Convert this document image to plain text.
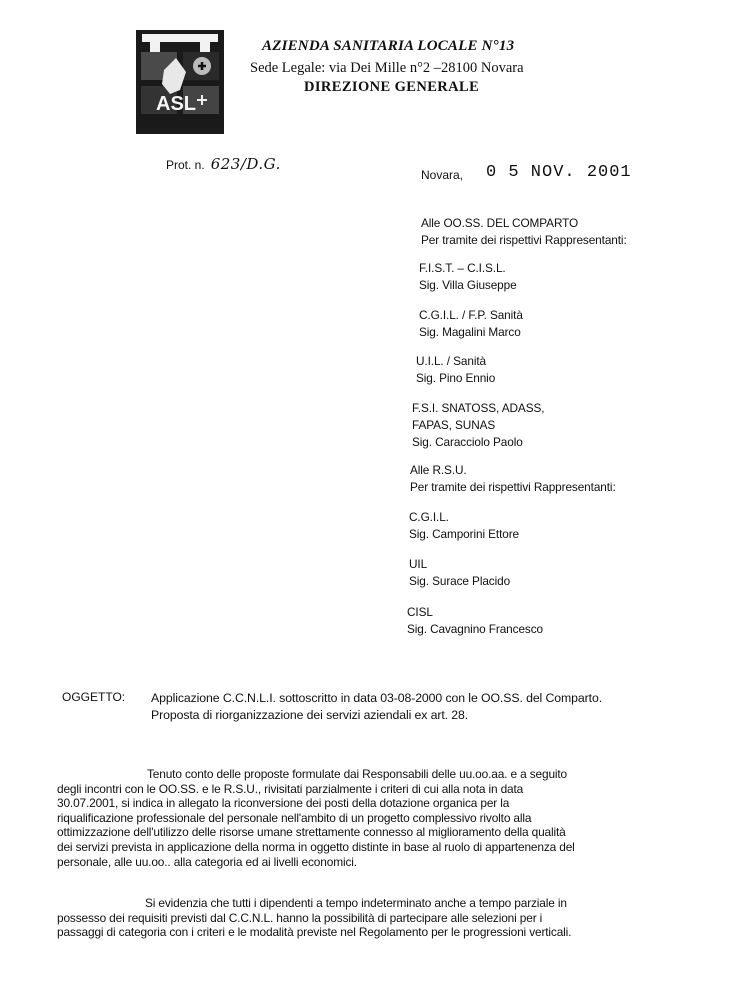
ASL
AZIENDA SANITARIA LOCALE N°13
Sede Legale: via Dei Mille n°2 –28100 Novara
DIREZIONE GENERALE
Prot. n. 623/D.G.
Novara, 0 5 NOV. 2001
Alle OO.SS. DEL COMPARTO
Per tramite dei rispettivi Rappresentanti:
F.I.S.T. – C.I.S.L.
Sig. Villa Giuseppe
C.G.I.L. / F.P. Sanità
Sig. Magalini Marco
U.I.L. / Sanità
Sig. Pino Ennio
F.S.I. SNATOSS, ADASS,
FAPAS, SUNAS
Sig. Caracciolo Paolo
Alle R.S.U.
Per tramite dei rispettivi Rappresentanti:
C.G.I.L.
Sig. Camporini Ettore
UIL
Sig. Surace Placido
CISL
Sig. Cavagnino Francesco
OGGETTO: Applicazione C.C.N.L.I. sottoscritto in data 03-08-2000 con le OO.SS. del Comparto.
Proposta di riorganizzazione dei servizi aziendali ex art. 28.
Tenuto conto delle proposte formulate dai Responsabili delle uu.oo.aa. e a seguito
degli incontri con le OO.SS. e le R.S.U., rivisitati parzialmente i criteri di cui alla nota in data
30.07.2001, si indica in allegato la riconversione dei posti della dotazione organica per la
riqualificazione professionale del personale nell'ambito di un progetto complessivo rivolto alla
ottimizzazione dell'utilizzo delle risorse umane strettamente connesso al miglioramento della qualità
dei servizi prevista in applicazione della norma in oggetto distinte in base al ruolo di appartenenza del
personale, alle uu.oo.. alla categoria ed ai livelli economici.
Si evidenzia che tutti i dipendenti a tempo indeterminato anche a tempo parziale in
possesso dei requisiti previsti dal C.C.N.L. hanno la possibilità di partecipare alle selezioni per i
passaggi di categoria con i criteri e le modalità previste nel Regolamento per le progressioni verticali.
